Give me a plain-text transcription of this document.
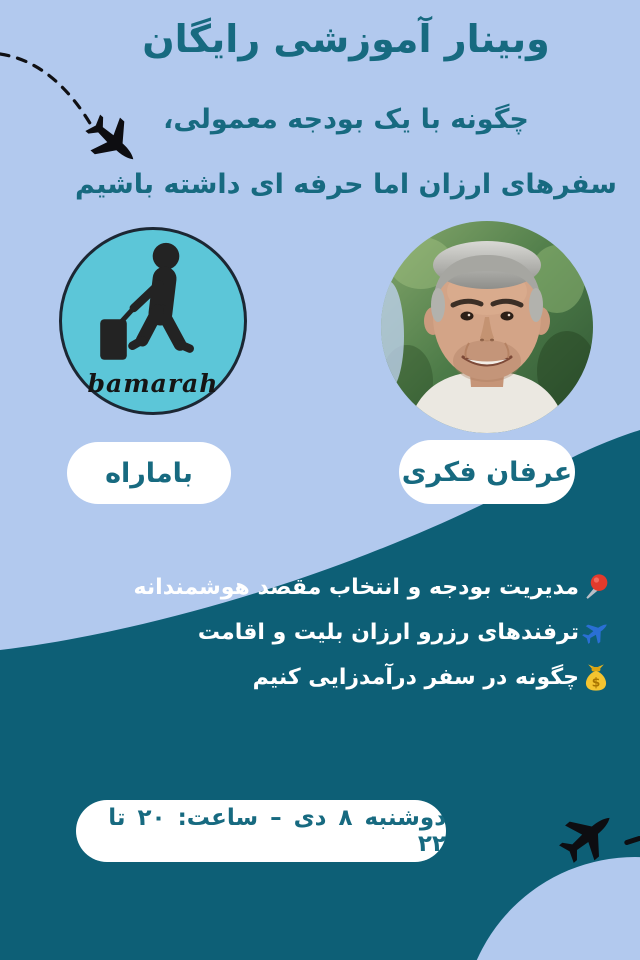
وبینار آموزشی رایگان
چگونه با یک بودجه معمولی،
سفرهای ارزان اما حرفه ای داشته باشیم
bamarah
باماراه	عرفان فکری
مدیریت بودجه و انتخاب مقصد هوشمندانه
ترفندهای رزرو ارزان بلیت و اقامت
$
چگونه در سفر درآمدزایی کنیم
دوشنبه ۸ دی – ساعت: ۲۰ تا ۲۲
